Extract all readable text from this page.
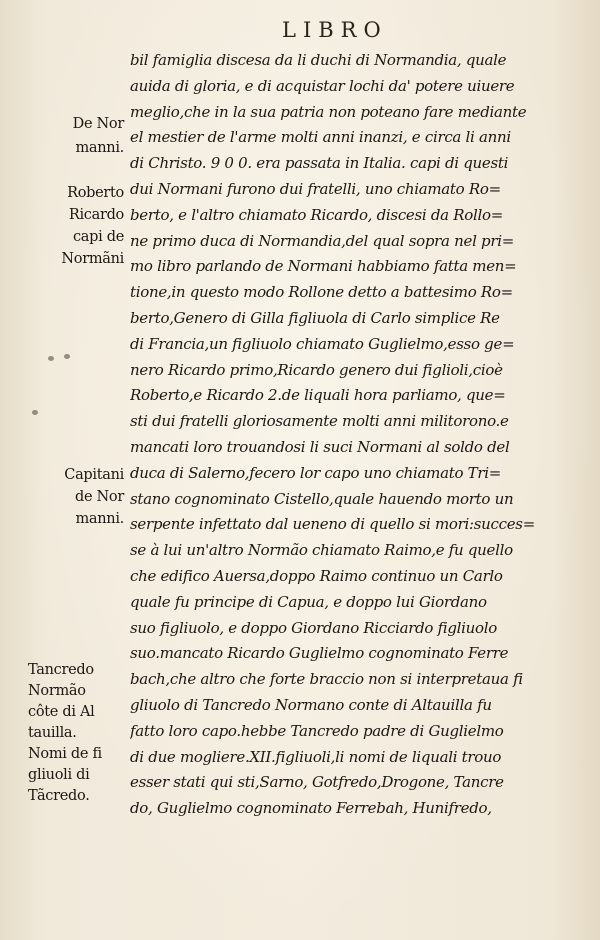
LIBRO
bil famiglia discesa da li duchi di Normandia, quale
auida di gloria, e di acquistar lochi da' potere uiuere
meglio,che in la sua patria non poteano fare mediante
el mestier de l'arme molti anni inanzi, e circa li anni
di Christo. 9 0 0. era passata in Italia. capi di questi
dui Normani furono dui fratelli, uno chiamato Ro=
berto, e l'altro chiamato Ricardo, discesi da Rollo=
ne primo duca di Normandia,del qual sopra nel pri=
mo libro parlando de Normani habbiamo fatta men=
tione,in questo modo Rollone detto a battesimo Ro=
berto,Genero di Gilla figliuola di Carlo simplice Re
di Francia,un figliuolo chiamato Guglielmo,esso ge=
nero Ricardo primo,Ricardo genero dui figlioli,cioè
Roberto,e Ricardo 2.de liquali hora parliamo, que=
sti dui fratelli gloriosamente molti anni militorono.e
mancati loro trouandosi li suci Normani al soldo del
duca di Salerno,fecero lor capo uno chiamato Tri=
stano cognominato Cistello,quale hauendo morto un
serpente infettato dal ueneno di quello si mori:succes=
se à lui un'altro Normão chiamato Raimo,e fu quello
che edifico Auersa,doppo Raimo continuo un Carlo
quale fu principe di Capua, e doppo lui Giordano
suo figliuolo, e doppo Giordano Ricciardo figliuolo
suo.mancato Ricardo Guglielmo cognominato Ferre
bach,che altro che forte braccio non si interpretaua fi
gliuolo di Tancredo Normano conte di Altauilla fu
fatto loro capo.hebbe Tancredo padre di Guglielmo
di due mogliere.XII.figliuoli,li nomi de liquali trouo
esser stati qui sti,Sarno, Gotfredo,Drogone, Tancre
do, Guglielmo cognominato Ferrebah, Hunifredo,
De Nor
manni.
Roberto
Ricardo
capi de
Normãni
Capitani
de Nor
manni.
Tancredo
Normão
côte di Al
tauilla.
Nomi de fi
gliuoli di
Tãcredo.
